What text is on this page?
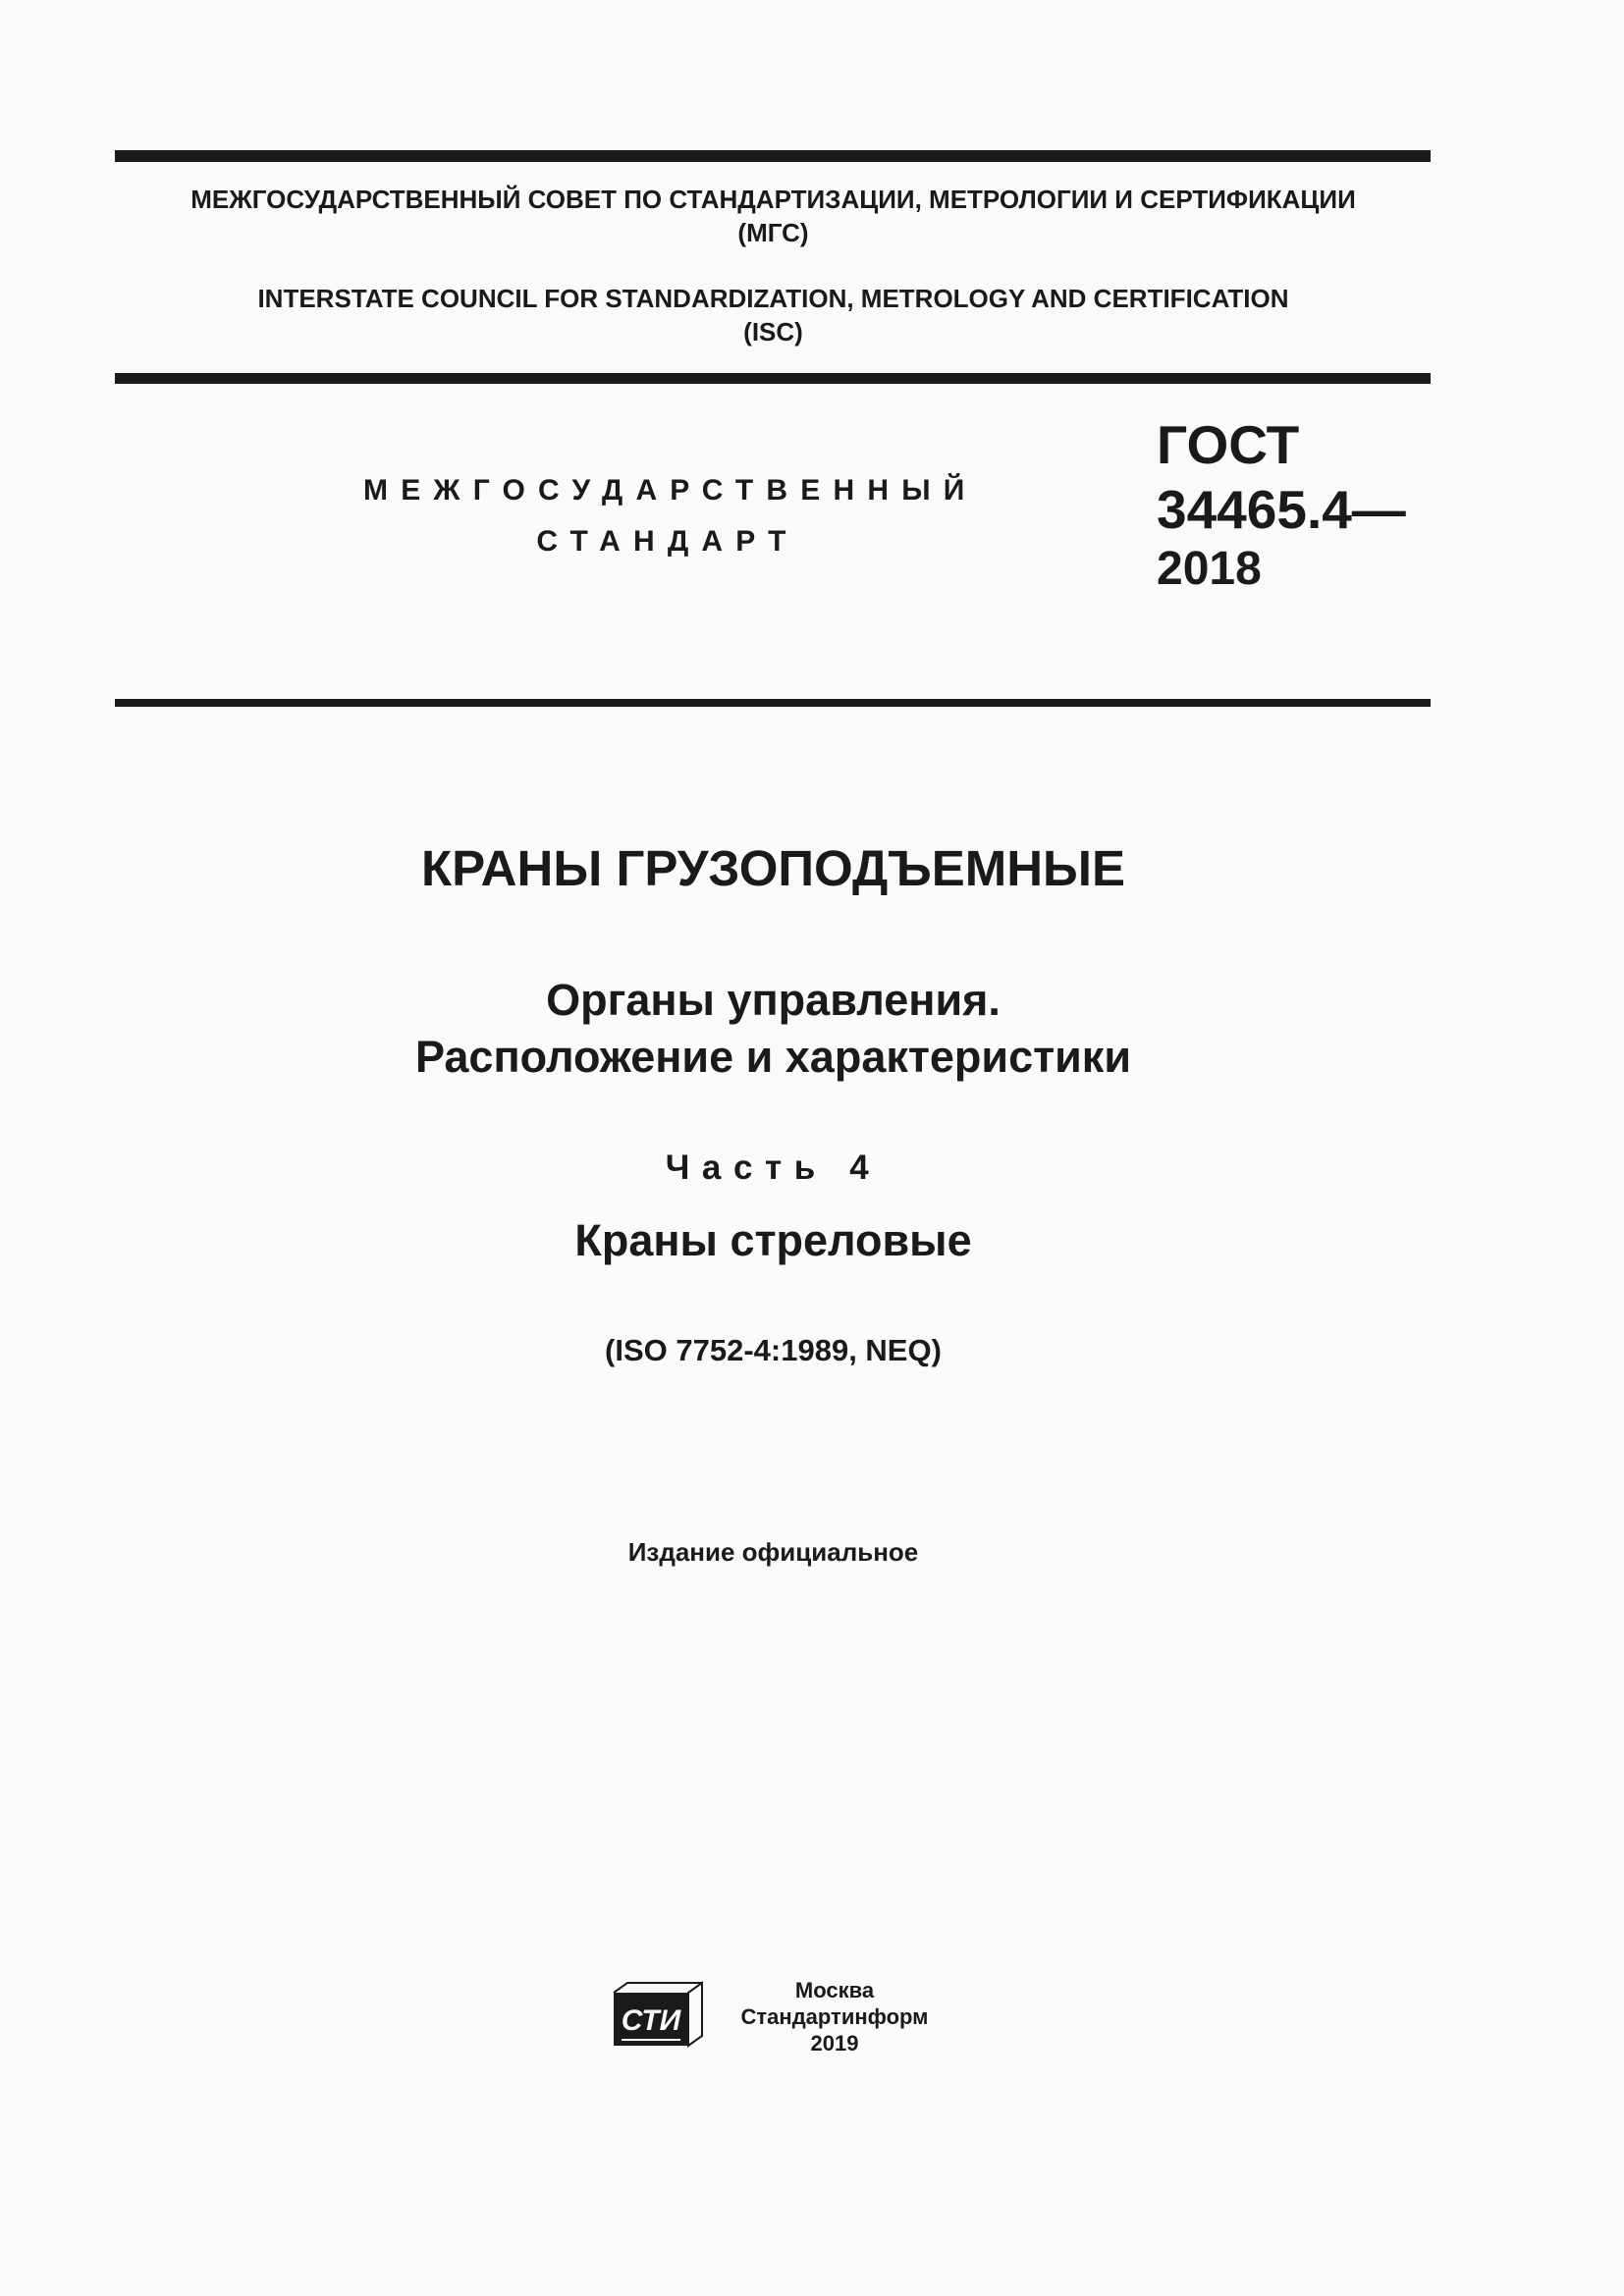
МЕЖГОСУДАРСТВЕННЫЙ СОВЕТ ПО СТАНДАРТИЗАЦИИ, МЕТРОЛОГИИ И СЕРТИФИКАЦИИ
(МГС)
INTERSTATE COUNCIL FOR STANDARDIZATION, METROLOGY AND CERTIFICATION
(ISC)
МЕЖГОСУДАРСТВЕННЫЙ
СТАНДАРТ
ГОСТ
34465.4—
2018
КРАНЫ ГРУЗОПОДЪЕМНЫЕ
Органы управления.
Расположение и характеристики
Часть 4
Краны стреловые
(ISO 7752-4:1989, NEQ)
Издание официальное
СТИ
Москва
Стандартинформ
2019
